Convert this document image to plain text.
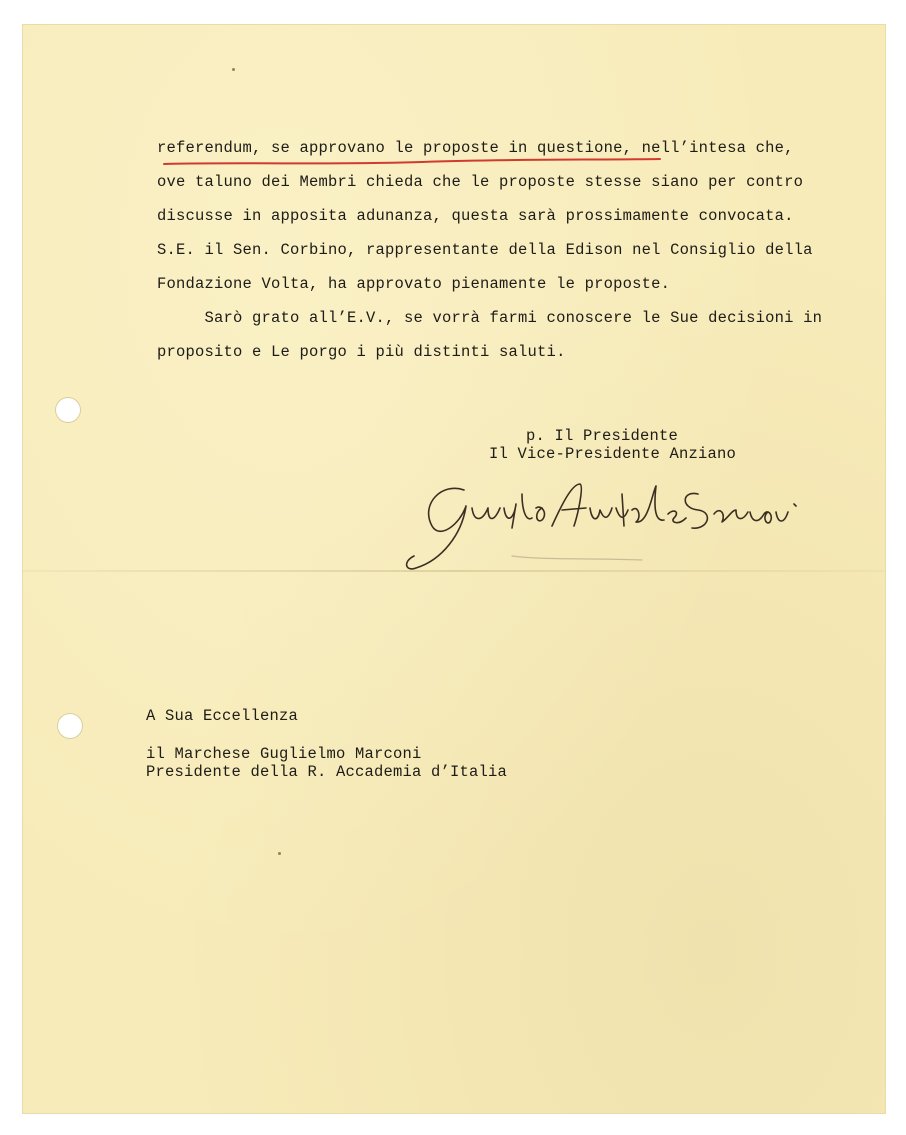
referendum, se approvano le proposte in questione, nell’intesa che,
ove taluno dei Membri chieda che le proposte stesse siano per contro
discusse in apposita adunanza, questa sarà prossimamente convocata.
S.E. il Sen. Corbino, rappresentante della Edison nel Consiglio della
Fondazione Volta, ha approvato pienamente le proposte.
Sarò grato all’E.V., se vorrà farmi conoscere le Sue decisioni in
proposito e Le porgo i più distinti saluti.
p. Il Presidente
Il Vice-Presidente Anziano
A Sua Eccellenza
il Marchese Guglielmo Marconi
Presidente della R. Accademia d’Italia
